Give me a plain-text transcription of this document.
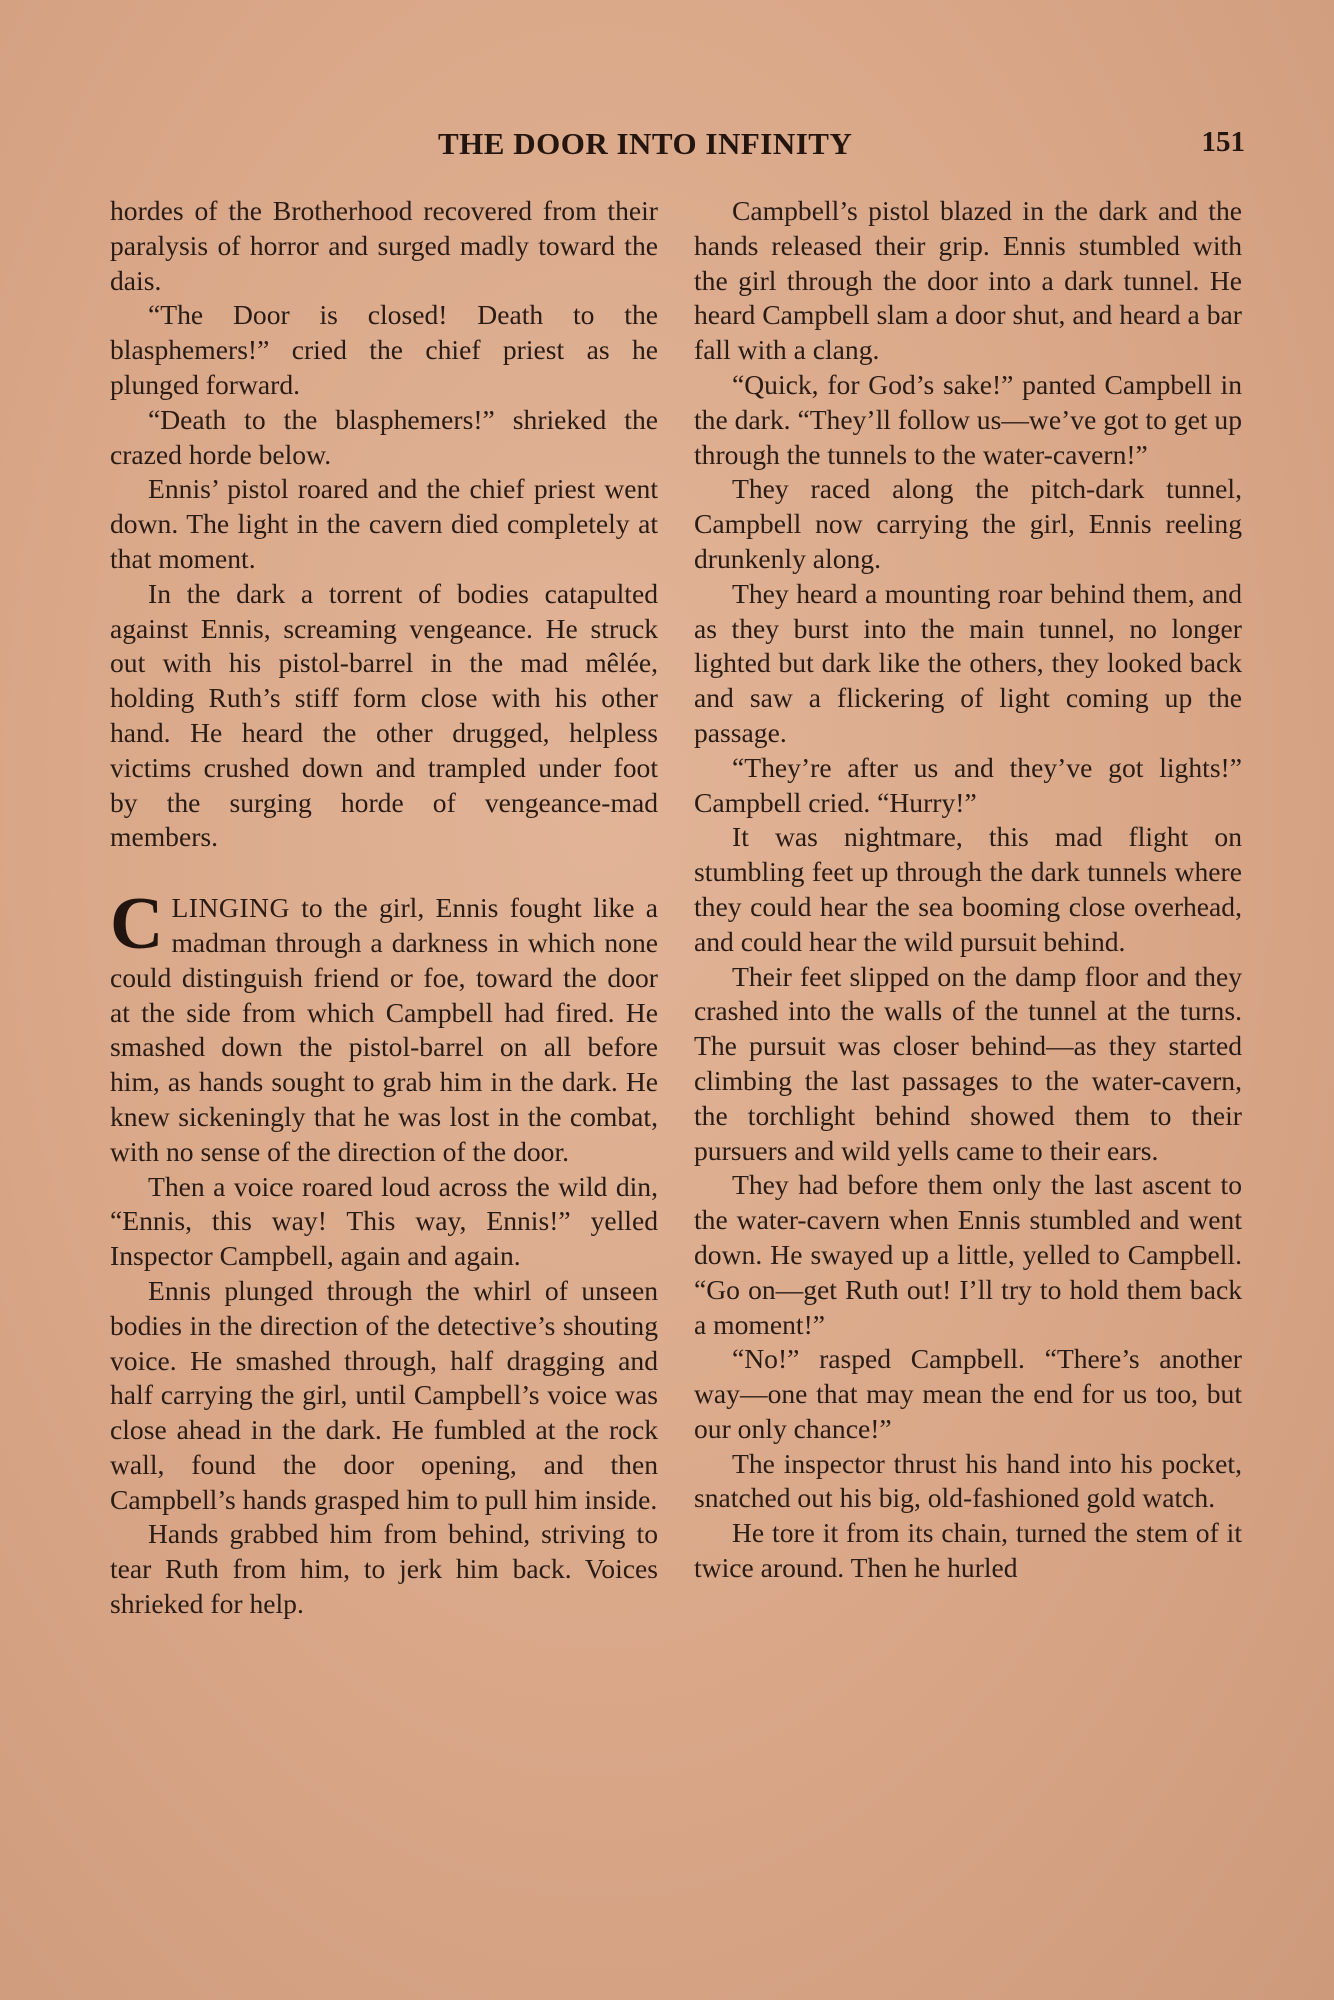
THE DOOR INTO INFINITY	151

hordes of the Brotherhood recovered from their paralysis of horror and surged madly toward the dais.

“The Door is closed! Death to the blasphemers!” cried the chief priest as he plunged forward.

“Death to the blasphemers!” shrieked the crazed horde below.

Ennis’ pistol roared and the chief priest went down. The light in the cavern died completely at that moment.

In the dark a torrent of bodies catapulted against Ennis, screaming vengeance. He struck out with his pistol-barrel in the mad mêlée, holding Ruth’s stiff form close with his other hand. He heard the other drugged, helpless victims crushed down and trampled under foot by the surging horde of vengeance-mad members.

CLINGING to the girl, Ennis fought like a madman through a darkness in which none could distinguish friend or foe, toward the door at the side from which Campbell had fired. He smashed down the pistol-barrel on all before him, as hands sought to grab him in the dark. He knew sickeningly that he was lost in the combat, with no sense of the direction of the door.

Then a voice roared loud across the wild din, “Ennis, this way! This way, Ennis!” yelled Inspector Campbell, again and again.

Ennis plunged through the whirl of unseen bodies in the direction of the detective’s shouting voice. He smashed through, half dragging and half carrying the girl, until Campbell’s voice was close ahead in the dark. He fumbled at the rock wall, found the door opening, and then Campbell’s hands grasped him to pull him inside.

Hands grabbed him from behind, striving to tear Ruth from him, to jerk him back. Voices shrieked for help.

Campbell’s pistol blazed in the dark and the hands released their grip. Ennis stumbled with the girl through the door into a dark tunnel. He heard Campbell slam a door shut, and heard a bar fall with a clang.

“Quick, for God’s sake!” panted Campbell in the dark. “They’ll follow us—we’ve got to get up through the tunnels to the water-cavern!”

They raced along the pitch-dark tunnel, Campbell now carrying the girl, Ennis reeling drunkenly along.

They heard a mounting roar behind them, and as they burst into the main tunnel, no longer lighted but dark like the others, they looked back and saw a flickering of light coming up the passage.

“They’re after us and they’ve got lights!” Campbell cried. “Hurry!”

It was nightmare, this mad flight on stumbling feet up through the dark tunnels where they could hear the sea booming close overhead, and could hear the wild pursuit behind.

Their feet slipped on the damp floor and they crashed into the walls of the tunnel at the turns. The pursuit was closer behind—as they started climbing the last passages to the water-cavern, the torchlight behind showed them to their pursuers and wild yells came to their ears.

They had before them only the last ascent to the water-cavern when Ennis stumbled and went down. He swayed up a little, yelled to Campbell. “Go on—get Ruth out! I’ll try to hold them back a moment!”

“No!” rasped Campbell. “There’s another way—one that may mean the end for us too, but our only chance!”

The inspector thrust his hand into his pocket, snatched out his big, old-fashioned gold watch.

He tore it from its chain, turned the stem of it twice around. Then he hurled
